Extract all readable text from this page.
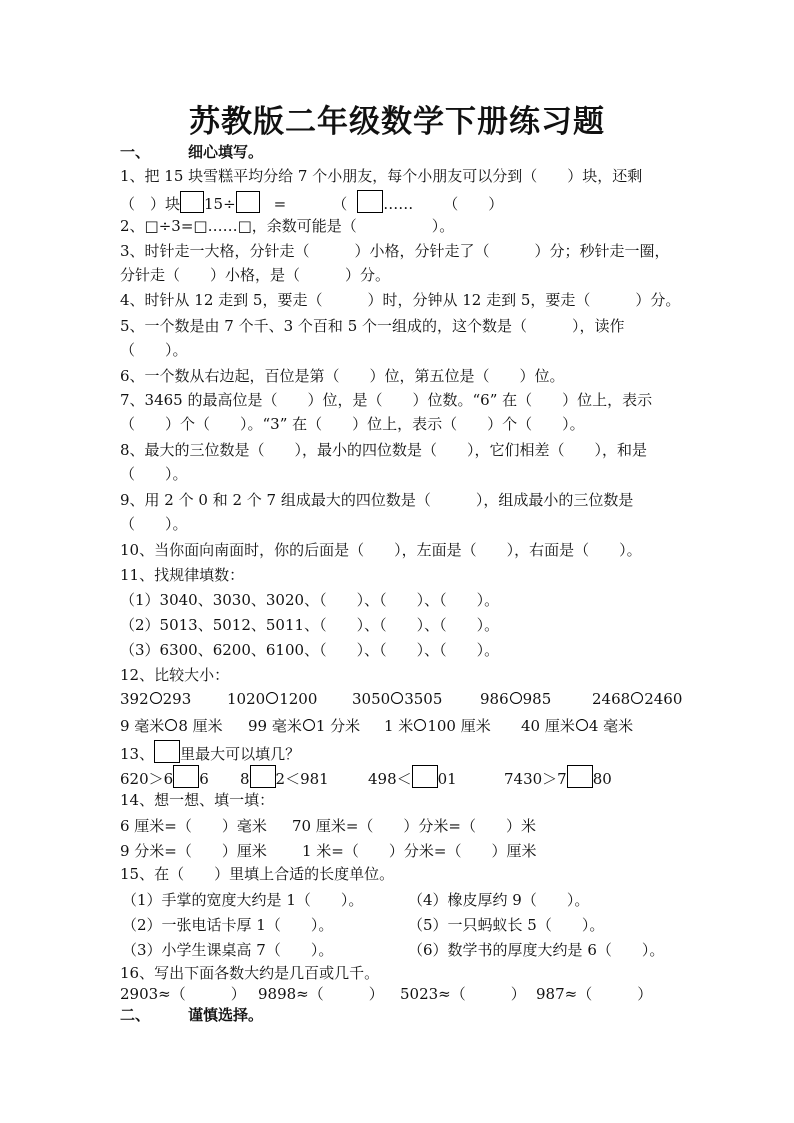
苏教版二年级数学下册练习题
一、	细心填写。
1、把 15 块雪糕平均分给 7 个小朋友，每个小朋友可以分到（　　）块，还剩
（　）块 15÷	=	（ …… （　　）
2、□÷3=□……□，余数可能是（　　　　　）。
3、时针走一大格，分针走（　　　）小格，分针走了（　　　）分；秒针走一圈，
分针走（　　）小格，是（　　　）分。
4、时针从 12 走到 5，要走（　　　）时，分钟从 12 走到 5，要走（　　　）分。
5、一个数是由 7 个千、3 个百和 5 个一组成的，这个数是（　　　），读作
（　　）。
6、一个数从右边起，百位是第（　　）位，第五位是（　　）位。
7、3465 的最高位是（　　）位，是（　　）位数。“6” 在（　　）位上，表示
（　　）个（　　）。“3” 在（　　）位上，表示（　　）个（　　）。
8、最大的三位数是（　　），最小的四位数是（　　），它们相差（　　），和是
（　　）。
9、用 2 个 0 和 2 个 7 组成最大的四位数是（　　　），组成最小的三位数是
（　　）。
10、当你面向南面时，你的后面是（　　），左面是（　　），右面是（　　）。
11、找规律填数：
（1）3040、3030、3020、（　　）、（　　）、（　　）。
（2）5013、5012、5011、（　　）、（　　）、（　　）。
（3）6300、6200、6100、（　　）、（　　）、（　　）。
12、比较大小：
392 293 1020 1200 3050 3505	986 985	2468 2460
9 毫米 8 厘米 99 毫米 1 分米 1 米 100 厘米 40 厘米 4 毫米
13、 里最大可以填几？
620＞6 6 8 2＜981	498＜ 01	7430＞7 80
14、想一想、填一填：
6 厘米=（　　）毫米 70 厘米=（　　）分米=（　　）米
9 分米=（　　）厘米 1 米=（　　）分米=（　　）厘米
15、在（　　）里填上合适的长度单位。
（1）手掌的宽度大约是 1（　　）。
（2）一张电话卡厚 1（　　）。
（3）小学生课桌高 7（　　）。
（4）橡皮厚约 9（　　）。
（5）一只蚂蚁长 5（　　）。
（6）数学书的厚度大约是 6（　　）。
16、写出下面各数大约是几百或几千。
2903≈（　　　） 9898≈（　　　） 5023≈（　　　） 987≈（　　　）
二、	谨慎选择。
